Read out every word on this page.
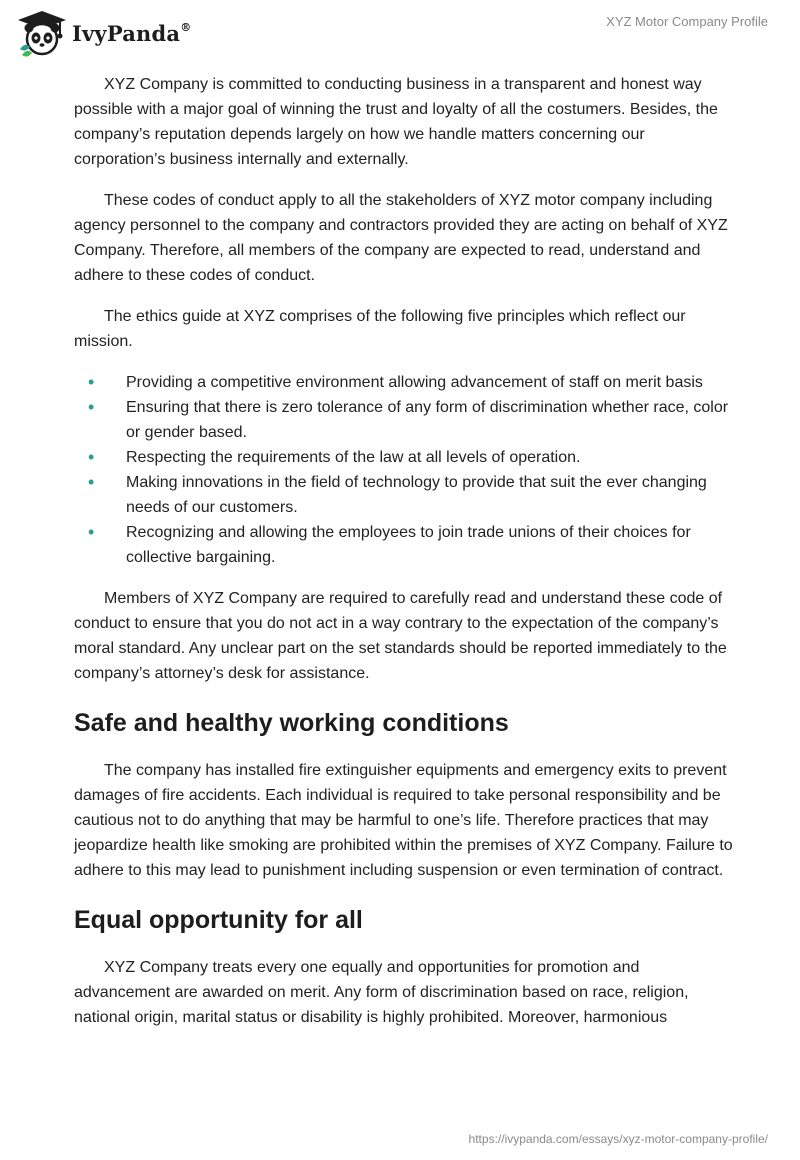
IvyPanda®	XYZ Motor Company Profile

XYZ Company is committed to conducting business in a transparent and honest way possible with a major goal of winning the trust and loyalty of all the costumers. Besides, the company’s reputation depends largely on how we handle matters concerning our corporation’s business internally and externally.

These codes of conduct apply to all the stakeholders of XYZ motor company including agency personnel to the company and contractors provided they are acting on behalf of XYZ Company. Therefore, all members of the company are expected to read, understand and adhere to these codes of conduct.

The ethics guide at XYZ comprises of the following five principles which reflect our mission.

• Providing a competitive environment allowing advancement of staff on merit basis
• Ensuring that there is zero tolerance of any form of discrimination whether race, color or gender based.
• Respecting the requirements of the law at all levels of operation.
• Making innovations in the field of technology to provide that suit the ever changing needs of our customers.
• Recognizing and allowing the employees to join trade unions of their choices for collective bargaining.

Members of XYZ Company are required to carefully read and understand these code of conduct to ensure that you do not act in a way contrary to the expectation of the company’s moral standard. Any unclear part on the set standards should be reported immediately to the company’s attorney’s desk for assistance.

Safe and healthy working conditions

The company has installed fire extinguisher equipments and emergency exits to prevent damages of fire accidents. Each individual is required to take personal responsibility and be cautious not to do anything that may be harmful to one’s life. Therefore practices that may jeopardize health like smoking are prohibited within the premises of XYZ Company. Failure to adhere to this may lead to punishment including suspension or even termination of contract.

Equal opportunity for all

XYZ Company treats every one equally and opportunities for promotion and advancement are awarded on merit. Any form of discrimination based on race, religion, national origin, marital status or disability is highly prohibited. Moreover, harmonious

https://ivypanda.com/essays/xyz-motor-company-profile/
